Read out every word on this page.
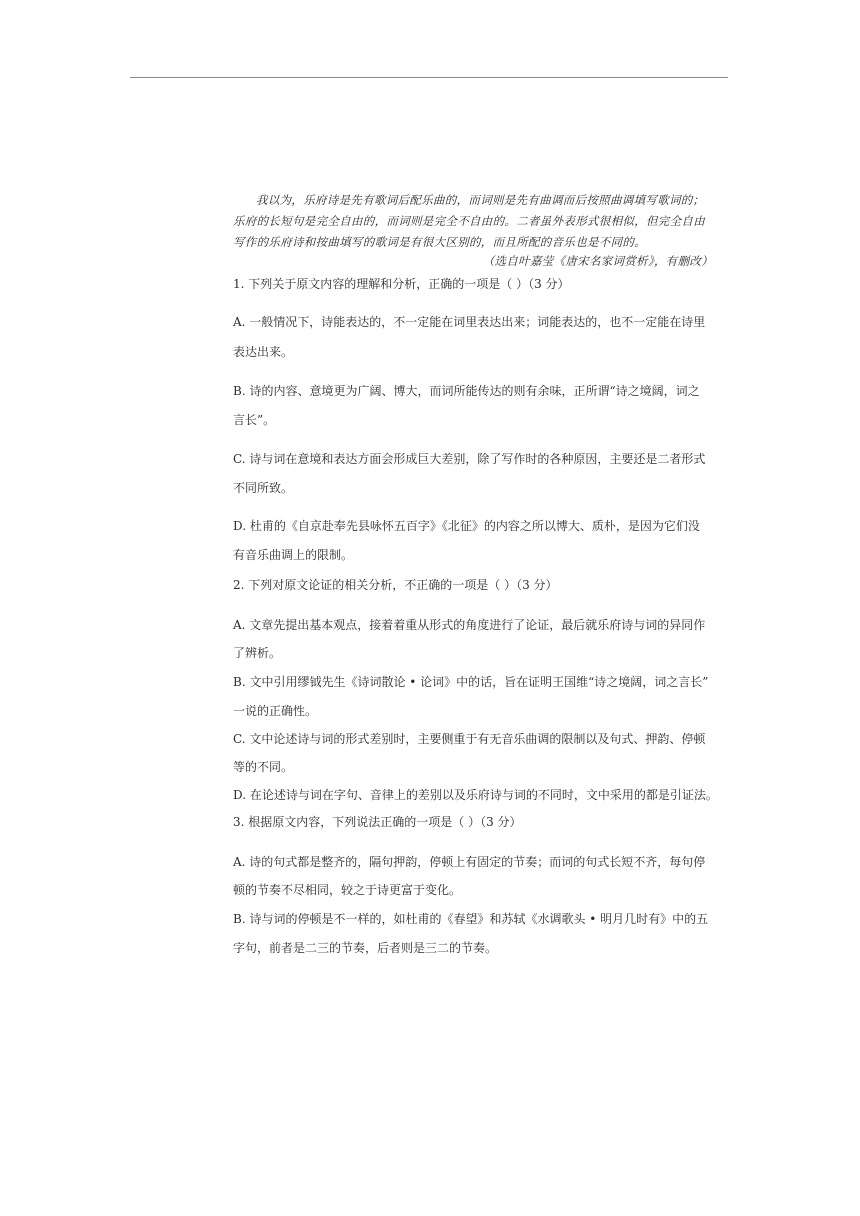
我以为，乐府诗是先有歌词后配乐曲的，而词则是先有曲调而后按照曲调填写歌词的；

乐府的长短句是完全自由的，而词则是完全不自由的。二者虽外表形式很相似，但完全自由

写作的乐府诗和按曲填写的歌词是有很大区别的，而且所配的音乐也是不同的。

（选自叶嘉莹《唐宋名家词赏析》，有删改）

1. 下列关于原文内容的理解和分析，正确的一项是（ ）（3 分）

A. 一般情况下，诗能表达的，不一定能在词里表达出来；词能表达的，也不一定能在诗里

表达出来。

B. 诗的内容、意境更为广阔、博大，而词所能传达的则有余味，正所谓“诗之境阔，词之

言长”。

C. 诗与词在意境和表达方面会形成巨大差别，除了写作时的各种原因，主要还是二者形式

不同所致。

D. 杜甫的《自京赴奉先县咏怀五百字》《北征》的内容之所以博大、质朴，是因为它们没

有音乐曲调上的限制。

2. 下列对原文论证的相关分析，不正确的一项是（ ）（3 分）

A. 文章先提出基本观点，接着着重从形式的角度进行了论证，最后就乐府诗与词的异同作

了辨析。

B. 文中引用缪钺先生《诗词散论 • 论词》中的话，旨在证明王国维“诗之境阔，词之言长”

一说的正确性。

C. 文中论述诗与词的形式差别时，主要侧重于有无音乐曲调的限制以及句式、押韵、停顿

等的不同。

D. 在论述诗与词在字句、音律上的差别以及乐府诗与词的不同时，文中采用的都是引证法。

3. 根据原文内容，下列说法正确的一项是（ ）（3 分）

A. 诗的句式都是整齐的，隔句押韵，停顿上有固定的节奏；而词的句式长短不齐，每句停

顿的节奏不尽相同，较之于诗更富于变化。

B. 诗与词的停顿是不一样的，如杜甫的《春望》和苏轼《水调歌头 • 明月几时有》中的五

字句，前者是二三的节奏，后者则是三二的节奏。
